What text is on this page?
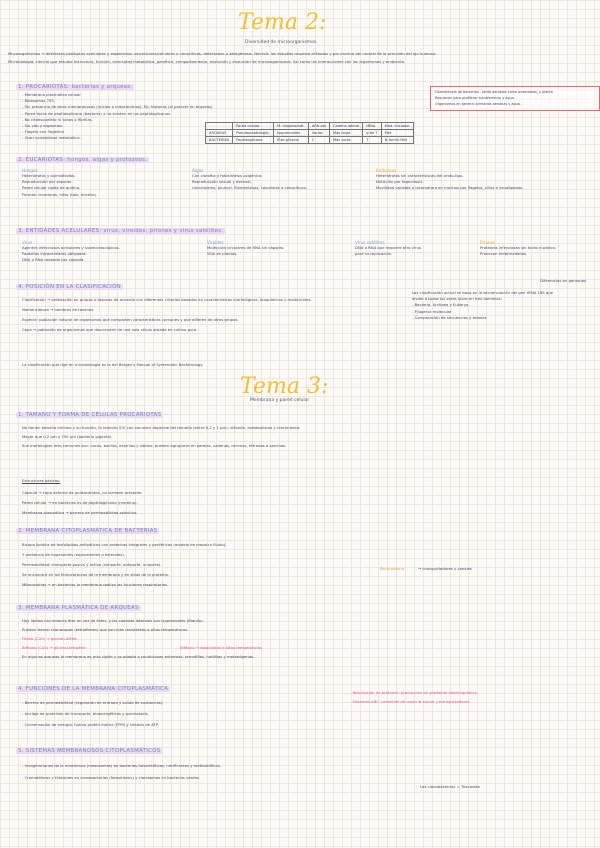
Tema 2:
Diversidad de microorganismos.
Microorganismos → diferentes biológicos acelulares y organismos unicelulares/celulares o cenocíticos, detectados o abiogénesis. Necesit. los estudios requiere métodos y por encima del umbral de la precisión del ojo humano.
Microbiología: ciencia que estudia estructura, función, diversidad metabólica, genética, comportamiento, evolución y evolución de microorganismos. Así como las interacciones con los organismos y ambiente.
1. PROCARIOTAS: bacterias y arqueas.
- Membrana plasmática celular
- Ribosomas 70S
- Sin presencia de otros membranosos (núcleo o mitocondrias). Sin histonas (al parecer en arqueas)
- Pared típica de peptidoglicano (bacteria) y no existen en los peptidoglicanos.
- No citoesqueleto ni tubos o fibrillas.
- Sin cito y organelos.
- Flagelo con flagelina
- Gran variabilidad metabólica.
	Pared celular	M. citoplasmát.	ARN pol	Cadena lateral	tRNA	Mod. iniciador
ARQUEAS	Pseudopeptidoglic.	Isoprenoides	Varias	Más larga	ψ de T	Met
BACTERIAS	Peptidoglicano	Éter-glicerol	1	Más corta	T	N-formil-Met
Coexistencia de bacterias - tanto aerobias como anaerobias, y planta
Requieren para proliferar transferencia y agua.
Organismos en general primarias aerobias y agua.
2. EUCARIOTAS: hongos, algas y protozoos.
Hongos
Heterótrofos y quimiótrofos.
Reproducción por esporas
Pared celular rígida de quitina.
Formas: levaduras, hifas (talo, micelio).
Algas
Con clorofila y fotosíntesis oxigénica.
Reproducción sexual y asexual.
Unicelulares, pluricel. filamentosas, coloniales o cenocíticas.
Protozoos
Heterótrofos sin características del proto-tipo.
Nutrición por fagocitosis.
Movilidad variable o locomotora en muchos por flagelos, cilios o seudópodos.
3. ENTIDADES ACELULARES: virus, viroides, priones y virus satélites.
Virus
Agentes infecciosos acelulares y submicroscópicos.
Parásitos intracelulares obligados.
DNA o RNA rodeado por cápsida.
Viroides
Moléculas circulares de RNA sin cápsida.
Sólo en plantas.
Virus satélites
DNA o RNA que requiere otro virus
para su replicación.
Priones
Proteínas infecciosas sin ácido nucleico.
Provocan enfermedades.
4. POSICIÓN EN LA CLASIFICACIÓN
Clasificación → ordenación en grupos o taxones de acuerdo con diferentes criterios basados en características morfológicas, bioquímicas y moleculares.
Nomenclatura → nombres de taxones.
Especie: población natural de organismos que comparten características comunes y que difieren de otros grupos.
Cepa → población de organismos que descienden de una sola célula aislada en cultivo puro.
Los clasificación actual se basa en la secuenciación del gen rRNA 16S que
divide a todos los seres vivos en tres dominios:
- Bacteria, Archaea y Eukarya
- Filogenia molecular
- Comparación de secuencias y árboles
Diferencias en genomas
La clasificación que rige en microbiología es la del Bergey's Manual of Systematic Bacteriology.
Tema 3:
Membrana y pared celular
1. TAMAÑO Y FORMA DE CÉLULAS PROCARIOTAS
No tienen tamaño mínimo y su función, la relación S/V con volumen depende del tamaño (entre 0,2 y 1 μm): difusión, metabolismo y crecimiento.
Mayor que 0,2 μm y 750 μm (bacteria gigante).
Sus morfologías más comunes son: cocos, bacilos, espirilos y vibrios; pueden agruparse en parejas, cadenas, racimos, tétradas o sarcinas.
Estructuras básicas:
Cápsula → capa externa de polisacáridos, no siempre presente.
Pared celular → en bacterias es de peptidoglicano (mureína).
Membrana plasmática → barrera de permeabilidad selectiva.
2. MEMBRANA CITOPLASMÁTICA DE BACTERIAS
Bicapa lipídica de fosfolípidos anfipáticos con proteínas integrales y periféricas (modelo de mosaico fluido).
Y presencia de hopanoides (equivalentes a esteroles).
Permeabilidad: transporte pasivo y activo (simporte, antiporte, uniporte).
Se encuentra en los hidrocarburos de la membrana y en sitios de la proteína.
Mitocondrias → en bacterias la membrana realiza las funciones respiratorias.
Recordatorio	→ transportadores y canales
3. MEMBRANA PLASMÁTICA DE ARQUEAS
Hay lípidos con enlaces éter en vez de éster, y las cadenas laterales son isoprenoides (fitanilo).
Pueden formar monocapas (tetraéteres) que son más resistentes a altas temperaturas.
Fitano (C20) → glicerol-diéter
Bifitano (C40) → glicerol-tetraéter
En algunas arqueas la membrana es más rígida y se adapta a condiciones extremas: termófilas, halófilas y metanógenas.
Bifitano → estabilidad a altas temperaturas
4. FUNCIONES DE LA MEMBRANA CITOPLASMÁTICA
- Barrera de permeabilidad (regulación de entrada y salida de sustancias).
- Anclaje de proteínas de transporte, bioenergéticas y quimiotaxis.
- Conservación de energía: fuerza protón motriz (FPM) y síntesis de ATP.
- Respiración de protones: producción de gradiente electroquímico.
- Sistemas ABC: proteínas de unión al soluto y transportadores.
5. SISTEMAS MEMBRANOSOS CITOPLASMÁTICOS
- Invaginaciones de la membrana (mesosomas) en bacterias fotosintéticas, nitrificantes y metilotróficas.
- Cromatóforos y tilacoides en cianobacterias (fotosíntesis) y clorosomas en bacterias verdes.
Las cianobacterias = Tilacoides
